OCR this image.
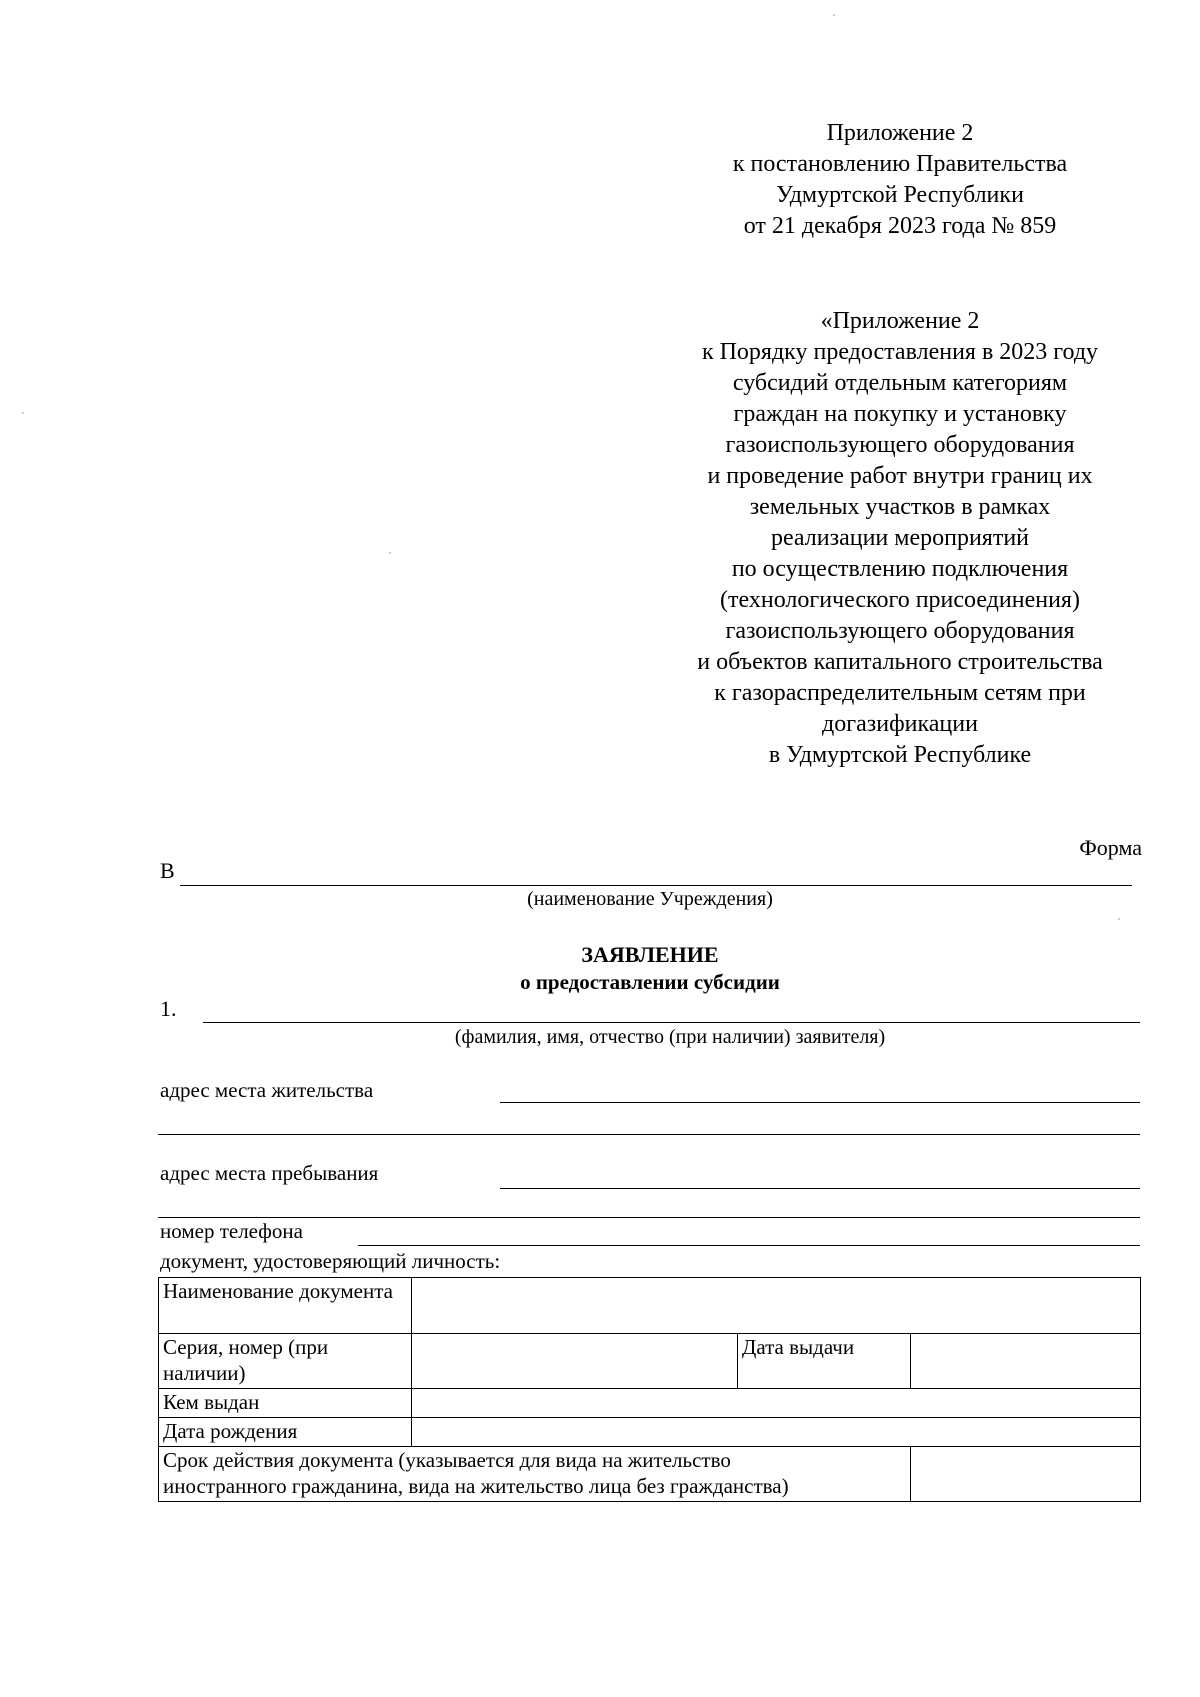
Приложение 2
к постановлению Правительства
Удмуртской Республики
от 21 декабря 2023 года № 859
«Приложение 2
к Порядку предоставления в 2023 году
субсидий отдельным категориям
граждан на покупку и установку
газоиспользующего оборудования
и проведение работ внутри границ их
земельных участков в рамках
реализации мероприятий
по осуществлению подключения
(технологического присоединения)
газоиспользующего оборудования
и объектов капитального строительства
к газораспределительным сетям при
догазификации
в Удмуртской Республике
Форма
В
(наименование Учреждения)
ЗАЯВЛЕНИЕ
о предоставлении субсидии
1.
(фамилия, имя, отчество (при наличии) заявителя)
адрес места жительства
адрес места пребывания
номер телефона
документ, удостоверяющий личность:
Наименование документа			
Серия, номер (при наличии)		Дата выдачи	
Кем выдан			
Дата рождения			

Срок действия документа (указывается для вида на жительство
иностранного гражданина, вида на жительство лица без гражданства)			
